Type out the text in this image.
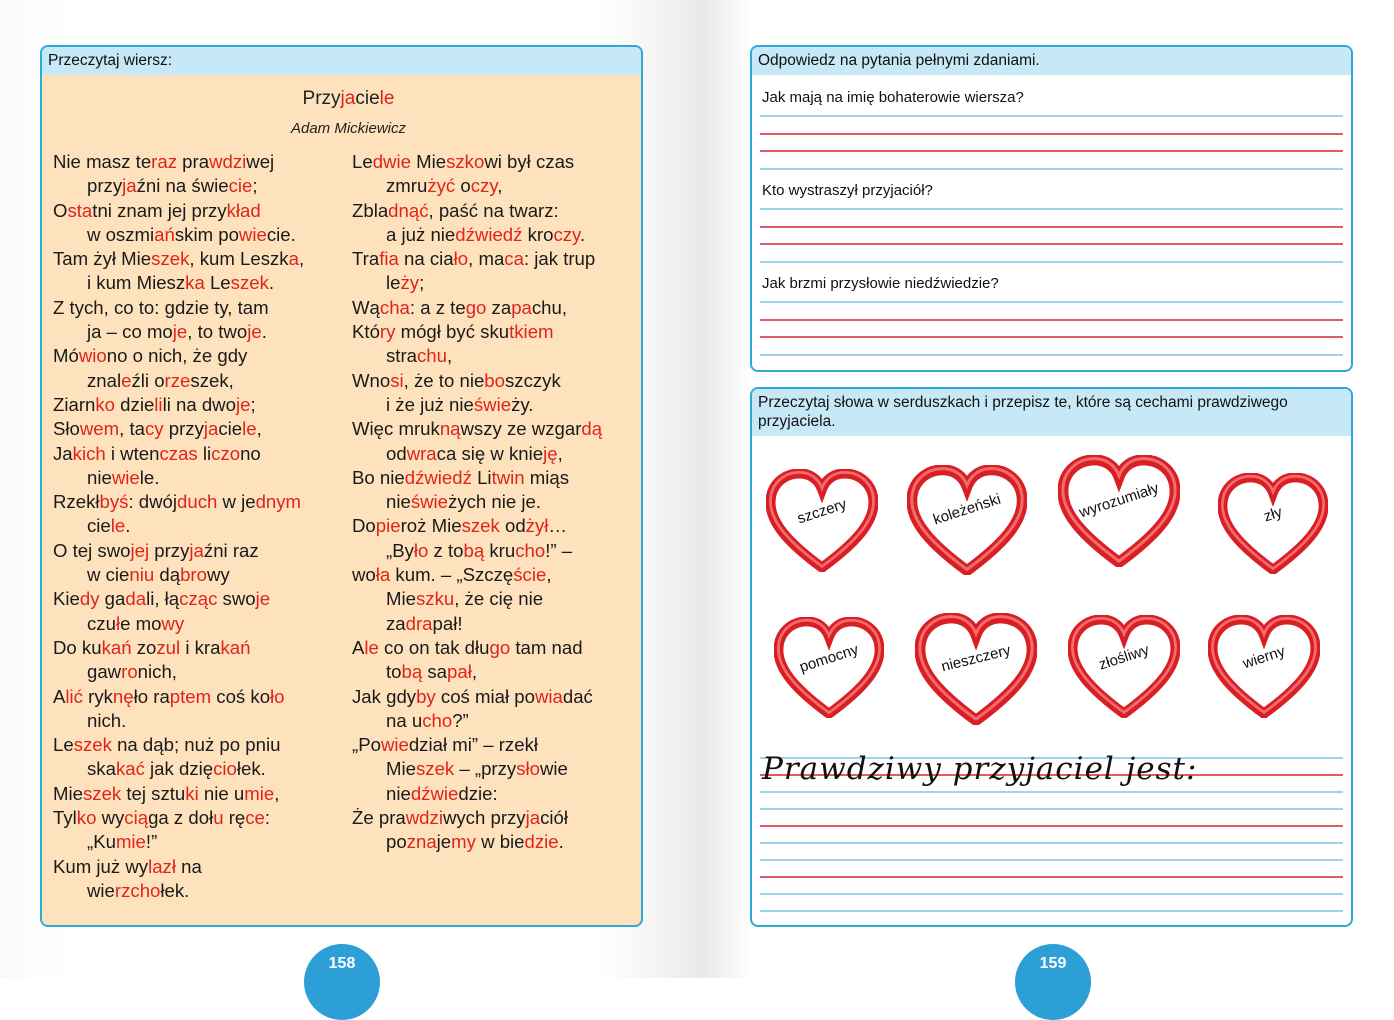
Przeczytaj wiersz:
Przyjaciele
Adam Mickiewicz
Nie masz teraz prawdziwej
przyjaźni na świecie;
Ostatni znam jej przykład
w oszmiańskim powiecie.
Tam żył Mieszek, kum Leszka,
i kum Mieszka Leszek.
Z tych, co to: gdzie ty, tam
ja – co moje, to twoje.
Mówiono o nich, że gdy
znaleźli orzeszek,
Ziarnko dzielili na dwoje;
Słowem, tacy przyjaciele,
Jakich i wtenczas liczono
niewiele.
Rzekłbyś: dwójduch w jednym
ciele.
O tej swojej przyjaźni raz
w cieniu dąbrowy
Kiedy gadali, łącząc swoje
czułe mowy
Do kukań zozul i krakań
gawronich,
Alić ryknęło raptem coś koło
nich.
Leszek na dąb; nuż po pniu
skakać jak dzięciołek.
Mieszek tej sztuki nie umie,
Tylko wyciąga z dołu ręce:
„Kumie!”
Kum już wylazł na
wierzchołek.
Ledwie Mieszkowi był czas
zmrużyć oczy,
Zbladnąć, paść na twarz:
a już niedźwiedź kroczy.
Trafia na ciało, maca: jak trup
leży;
Wącha: a z tego zapachu,
Który mógł być skutkiem
strachu,
Wnosi, że to nieboszczyk
i że już nieświeży.
Więc mruknąwszy ze wzgardą
odwraca się w knieję,
Bo niedźwiedź Litwin miąs
nieświeżych nie je.
Dopieroż Mieszek odżył…
„Było z tobą krucho!” –
woła kum. – „Szczęście,
Mieszku, że cię nie
zadrapał!
Ale co on tak długo tam nad
tobą sapał,
Jak gdyby coś miał powiadać
na ucho?”
„Powiedział mi” – rzekł
Mieszek – „przysłowie
niedźwiedzie:
Że prawdziwych przyjaciół
poznajemy w biedzie.
158
Odpowiedz na pytania pełnymi zdaniami.
Jak mają na imię bohaterowie wiersza?
Kto wystraszył przyjaciół?
Jak brzmi przysłowie niedźwiedzie?
Przeczytaj słowa w serduszkach i przepisz te, które są cechami prawdziwego przyjaciela.
szczery	koleżeński	wyrozumiały	zły
pomocny	nieszczery	złośliwy	wierny
Prawdziwy przyjaciel jest:
159
